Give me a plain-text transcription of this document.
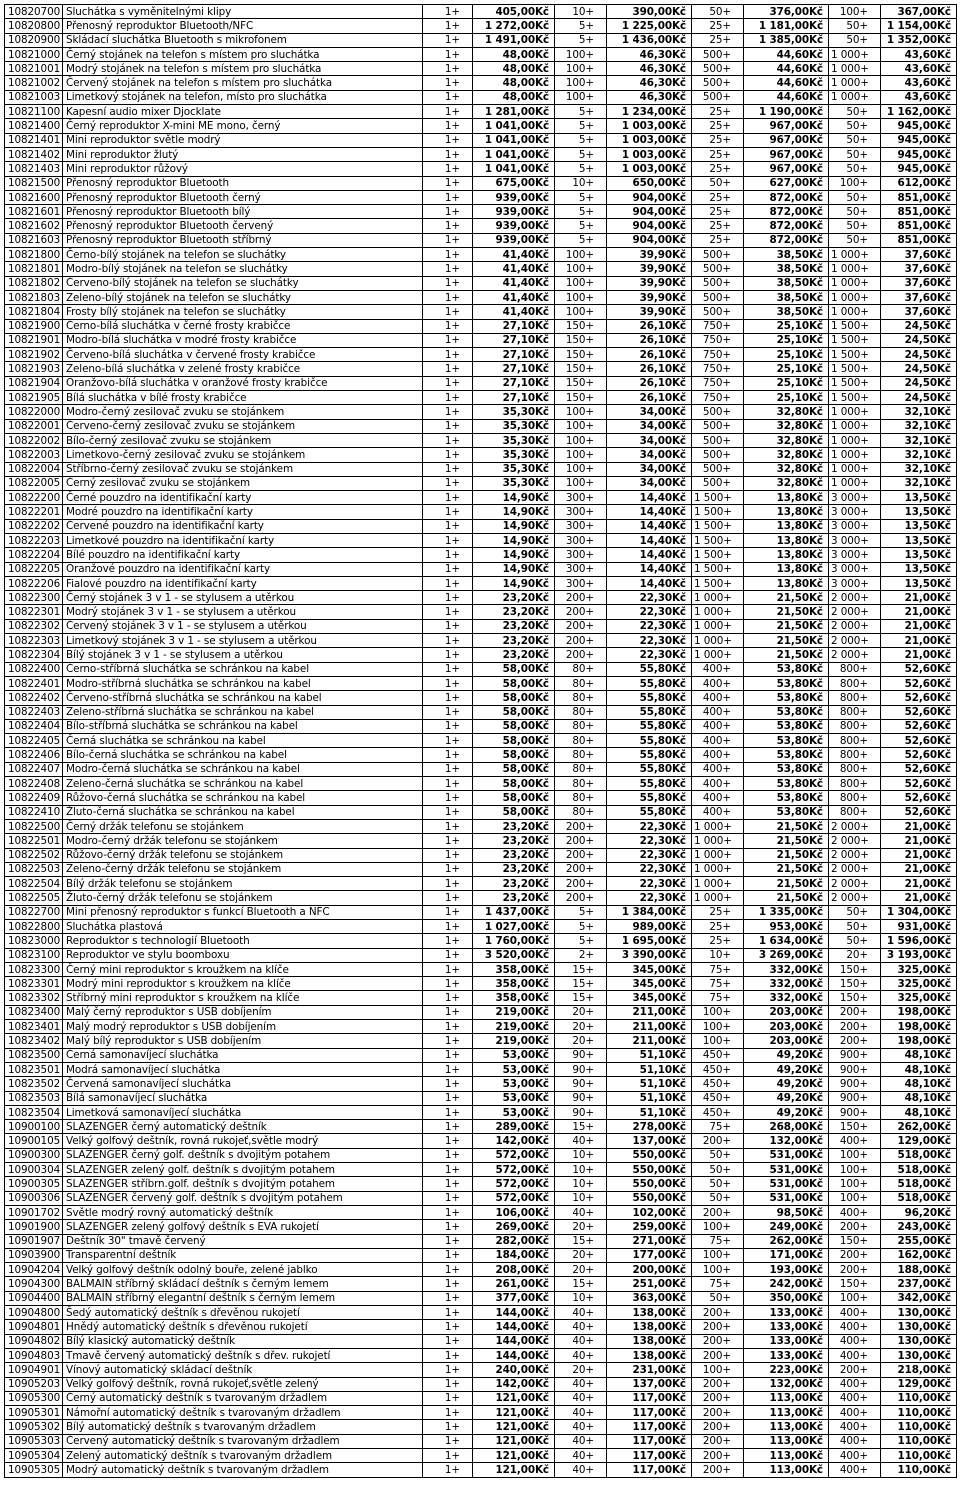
10820700	Sluchátka s vyměnitelnými klipy	1+	405,00Kč	10+	390,00Kč	50+	376,00Kč	100+	367,00Kč
10820800	Přenosný reproduktor Bluetooth/NFC	1+	1 272,00Kč	5+	1 225,00Kč	25+	1 181,00Kč	50+	1 154,00Kč
10820900	Skládací sluchátka Bluetooth s mikrofonem	1+	1 491,00Kč	5+	1 436,00Kč	25+	1 385,00Kč	50+	1 352,00Kč
10821000	Černý stojánek na telefon s místem pro sluchátka	1+	48,00Kč	100+	46,30Kč	500+	44,60Kč	1 000+	43,60Kč
10821001	Modrý stojánek na telefon s místem pro sluchátka	1+	48,00Kč	100+	46,30Kč	500+	44,60Kč	1 000+	43,60Kč
10821002	Červený stojánek na telefon s místem pro sluchátka	1+	48,00Kč	100+	46,30Kč	500+	44,60Kč	1 000+	43,60Kč
10821003	Limetkový stojánek na telefon, místo pro sluchátka	1+	48,00Kč	100+	46,30Kč	500+	44,60Kč	1 000+	43,60Kč
10821100	Kapesní audio mixer Djocklate	1+	1 281,00Kč	5+	1 234,00Kč	25+	1 190,00Kč	50+	1 162,00Kč
10821400	Černý reproduktor X-mini ME mono, černý	1+	1 041,00Kč	5+	1 003,00Kč	25+	967,00Kč	50+	945,00Kč
10821401	Mini reproduktor světle modrý	1+	1 041,00Kč	5+	1 003,00Kč	25+	967,00Kč	50+	945,00Kč
10821402	Mini reproduktor žlutý	1+	1 041,00Kč	5+	1 003,00Kč	25+	967,00Kč	50+	945,00Kč
10821403	Mini reproduktor růžový	1+	1 041,00Kč	5+	1 003,00Kč	25+	967,00Kč	50+	945,00Kč
10821500	Přenosný reproduktor Bluetooth	1+	675,00Kč	10+	650,00Kč	50+	627,00Kč	100+	612,00Kč
10821600	Přenosný reproduktor Bluetooth černý	1+	939,00Kč	5+	904,00Kč	25+	872,00Kč	50+	851,00Kč
10821601	Přenosný reproduktor Bluetooth bílý	1+	939,00Kč	5+	904,00Kč	25+	872,00Kč	50+	851,00Kč
10821602	Přenosný reproduktor Bluetooth červený	1+	939,00Kč	5+	904,00Kč	25+	872,00Kč	50+	851,00Kč
10821603	Přenosný reproduktor Bluetooth stříbrný	1+	939,00Kč	5+	904,00Kč	25+	872,00Kč	50+	851,00Kč
10821800	Černo-bílý stojánek na telefon se sluchátky	1+	41,40Kč	100+	39,90Kč	500+	38,50Kč	1 000+	37,60Kč
10821801	Modro-bílý stojánek na telefon se sluchátky	1+	41,40Kč	100+	39,90Kč	500+	38,50Kč	1 000+	37,60Kč
10821802	Červeno-bílý stojánek na telefon se sluchátky	1+	41,40Kč	100+	39,90Kč	500+	38,50Kč	1 000+	37,60Kč
10821803	Zeleno-bílý stojánek na telefon se sluchátky	1+	41,40Kč	100+	39,90Kč	500+	38,50Kč	1 000+	37,60Kč
10821804	Frosty bílý stojánek na telefon se sluchátky	1+	41,40Kč	100+	39,90Kč	500+	38,50Kč	1 000+	37,60Kč
10821900	Černo-bílá sluchátka v černé frosty krabičce	1+	27,10Kč	150+	26,10Kč	750+	25,10Kč	1 500+	24,50Kč
10821901	Modro-bílá sluchátka v modré frosty krabičce	1+	27,10Kč	150+	26,10Kč	750+	25,10Kč	1 500+	24,50Kč
10821902	Červeno-bílá sluchátka v červené frosty krabičce	1+	27,10Kč	150+	26,10Kč	750+	25,10Kč	1 500+	24,50Kč
10821903	Zeleno-bílá sluchátka v zelené frosty krabičce	1+	27,10Kč	150+	26,10Kč	750+	25,10Kč	1 500+	24,50Kč
10821904	Oranžovo-bílá sluchátka v oranžové frosty krabičce	1+	27,10Kč	150+	26,10Kč	750+	25,10Kč	1 500+	24,50Kč
10821905	Bílá sluchátka v bílé frosty krabičce	1+	27,10Kč	150+	26,10Kč	750+	25,10Kč	1 500+	24,50Kč
10822000	Modro-černý zesilovač zvuku se stojánkem	1+	35,30Kč	100+	34,00Kč	500+	32,80Kč	1 000+	32,10Kč
10822001	Červeno-černý zesilovač zvuku se stojánkem	1+	35,30Kč	100+	34,00Kč	500+	32,80Kč	1 000+	32,10Kč
10822002	Bílo-černý zesilovač zvuku se stojánkem	1+	35,30Kč	100+	34,00Kč	500+	32,80Kč	1 000+	32,10Kč
10822003	Limetkovo-černý zesilovač zvuku se stojánkem	1+	35,30Kč	100+	34,00Kč	500+	32,80Kč	1 000+	32,10Kč
10822004	Stříbrno-černý zesilovač zvuku se stojánkem	1+	35,30Kč	100+	34,00Kč	500+	32,80Kč	1 000+	32,10Kč
10822005	Černý zesilovač zvuku se stojánkem	1+	35,30Kč	100+	34,00Kč	500+	32,80Kč	1 000+	32,10Kč
10822200	Černé pouzdro na identifikační karty	1+	14,90Kč	300+	14,40Kč	1 500+	13,80Kč	3 000+	13,50Kč
10822201	Modré pouzdro na identifikační karty	1+	14,90Kč	300+	14,40Kč	1 500+	13,80Kč	3 000+	13,50Kč
10822202	Červené pouzdro na identifikační karty	1+	14,90Kč	300+	14,40Kč	1 500+	13,80Kč	3 000+	13,50Kč
10822203	Limetkové pouzdro na identifikační karty	1+	14,90Kč	300+	14,40Kč	1 500+	13,80Kč	3 000+	13,50Kč
10822204	Bílé pouzdro na identifikační karty	1+	14,90Kč	300+	14,40Kč	1 500+	13,80Kč	3 000+	13,50Kč
10822205	Oranžové pouzdro na identifikační karty	1+	14,90Kč	300+	14,40Kč	1 500+	13,80Kč	3 000+	13,50Kč
10822206	Fialové pouzdro na identifikační karty	1+	14,90Kč	300+	14,40Kč	1 500+	13,80Kč	3 000+	13,50Kč
10822300	Černý stojánek 3 v 1 - se stylusem a utěrkou	1+	23,20Kč	200+	22,30Kč	1 000+	21,50Kč	2 000+	21,00Kč
10822301	Modrý stojánek 3 v 1 - se stylusem a utěrkou	1+	23,20Kč	200+	22,30Kč	1 000+	21,50Kč	2 000+	21,00Kč
10822302	Červený stojánek 3 v 1 - se stylusem a utěrkou	1+	23,20Kč	200+	22,30Kč	1 000+	21,50Kč	2 000+	21,00Kč
10822303	Limetkový stojánek 3 v 1 - se stylusem a utěrkou	1+	23,20Kč	200+	22,30Kč	1 000+	21,50Kč	2 000+	21,00Kč
10822304	Bílý stojánek 3 v 1 - se stylusem a utěrkou	1+	23,20Kč	200+	22,30Kč	1 000+	21,50Kč	2 000+	21,00Kč
10822400	Černo-stříbrná sluchátka se schránkou na kabel	1+	58,00Kč	80+	55,80Kč	400+	53,80Kč	800+	52,60Kč
10822401	Modro-stříbrná sluchátka se schránkou na kabel	1+	58,00Kč	80+	55,80Kč	400+	53,80Kč	800+	52,60Kč
10822402	Červeno-stříbrná sluchátka se schránkou na kabel	1+	58,00Kč	80+	55,80Kč	400+	53,80Kč	800+	52,60Kč
10822403	Zeleno-stříbrná sluchátka se schránkou na kabel	1+	58,00Kč	80+	55,80Kč	400+	53,80Kč	800+	52,60Kč
10822404	Bílo-stříbrná sluchátka se schránkou na kabel	1+	58,00Kč	80+	55,80Kč	400+	53,80Kč	800+	52,60Kč
10822405	Černá sluchátka se schránkou na kabel	1+	58,00Kč	80+	55,80Kč	400+	53,80Kč	800+	52,60Kč
10822406	Bílo-černá sluchátka se schránkou na kabel	1+	58,00Kč	80+	55,80Kč	400+	53,80Kč	800+	52,60Kč
10822407	Modro-černá sluchátka se schránkou na kabel	1+	58,00Kč	80+	55,80Kč	400+	53,80Kč	800+	52,60Kč
10822408	Zeleno-černá sluchátka se schránkou na kabel	1+	58,00Kč	80+	55,80Kč	400+	53,80Kč	800+	52,60Kč
10822409	Růžovo-černá sluchátka se schránkou na kabel	1+	58,00Kč	80+	55,80Kč	400+	53,80Kč	800+	52,60Kč
10822410	Žluto-černá sluchátka se schránkou na kabel	1+	58,00Kč	80+	55,80Kč	400+	53,80Kč	800+	52,60Kč
10822500	Černý držák telefonu se stojánkem	1+	23,20Kč	200+	22,30Kč	1 000+	21,50Kč	2 000+	21,00Kč
10822501	Modro-černý držák telefonu se stojánkem	1+	23,20Kč	200+	22,30Kč	1 000+	21,50Kč	2 000+	21,00Kč
10822502	Růžovo-černý držák telefonu se stojánkem	1+	23,20Kč	200+	22,30Kč	1 000+	21,50Kč	2 000+	21,00Kč
10822503	Zeleno-černý držák telefonu se stojánkem	1+	23,20Kč	200+	22,30Kč	1 000+	21,50Kč	2 000+	21,00Kč
10822504	Bílý držák telefonu se stojánkem	1+	23,20Kč	200+	22,30Kč	1 000+	21,50Kč	2 000+	21,00Kč
10822505	Žluto-černý držák telefonu se stojánkem	1+	23,20Kč	200+	22,30Kč	1 000+	21,50Kč	2 000+	21,00Kč
10822700	Mini přenosný reproduktor s funkcí Bluetooth a NFC	1+	1 437,00Kč	5+	1 384,00Kč	25+	1 335,00Kč	50+	1 304,00Kč
10822800	Sluchátka plastová	1+	1 027,00Kč	5+	989,00Kč	25+	953,00Kč	50+	931,00Kč
10823000	Reproduktor s technologií Bluetooth	1+	1 760,00Kč	5+	1 695,00Kč	25+	1 634,00Kč	50+	1 596,00Kč
10823100	Reproduktor ve stylu boomboxu	1+	3 520,00Kč	2+	3 390,00Kč	10+	3 269,00Kč	20+	3 193,00Kč
10823300	Černý mini reproduktor s kroužkem na klíče	1+	358,00Kč	15+	345,00Kč	75+	332,00Kč	150+	325,00Kč
10823301	Modrý mini reproduktor s kroužkem na klíče	1+	358,00Kč	15+	345,00Kč	75+	332,00Kč	150+	325,00Kč
10823302	Stříbrný mini reproduktor s kroužkem na klíče	1+	358,00Kč	15+	345,00Kč	75+	332,00Kč	150+	325,00Kč
10823400	Malý černý reproduktor s USB dobíjením	1+	219,00Kč	20+	211,00Kč	100+	203,00Kč	200+	198,00Kč
10823401	Malý modrý reproduktor s USB dobíjením	1+	219,00Kč	20+	211,00Kč	100+	203,00Kč	200+	198,00Kč
10823402	Malý bílý reproduktor s USB dobíjením	1+	219,00Kč	20+	211,00Kč	100+	203,00Kč	200+	198,00Kč
10823500	Černá samonavíjecí sluchátka	1+	53,00Kč	90+	51,10Kč	450+	49,20Kč	900+	48,10Kč
10823501	Modrá samonavíjecí sluchátka	1+	53,00Kč	90+	51,10Kč	450+	49,20Kč	900+	48,10Kč
10823502	Červená samonavíjecí sluchátka	1+	53,00Kč	90+	51,10Kč	450+	49,20Kč	900+	48,10Kč
10823503	Bílá samonavíjecí sluchátka	1+	53,00Kč	90+	51,10Kč	450+	49,20Kč	900+	48,10Kč
10823504	Limetková samonavíjecí sluchátka	1+	53,00Kč	90+	51,10Kč	450+	49,20Kč	900+	48,10Kč
10900100	SLAZENGER černý automatický deštník	1+	289,00Kč	15+	278,00Kč	75+	268,00Kč	150+	262,00Kč
10900105	Velký golfový deštník, rovná rukojeť,světle modrý	1+	142,00Kč	40+	137,00Kč	200+	132,00Kč	400+	129,00Kč
10900300	SLAZENGER černý golf. deštník s dvojitým potahem	1+	572,00Kč	10+	550,00Kč	50+	531,00Kč	100+	518,00Kč
10900304	SLAZENGER zelený golf. deštník s dvojitým potahem	1+	572,00Kč	10+	550,00Kč	50+	531,00Kč	100+	518,00Kč
10900305	SLAZENGER stříbrn.golf. deštník s dvojitým potahem	1+	572,00Kč	10+	550,00Kč	50+	531,00Kč	100+	518,00Kč
10900306	SLAZENGER červený golf. deštník s dvojitým potahem	1+	572,00Kč	10+	550,00Kč	50+	531,00Kč	100+	518,00Kč
10901702	Světle modrý rovný automatický deštník	1+	106,00Kč	40+	102,00Kč	200+	98,50Kč	400+	96,20Kč
10901900	SLAZENGER zelený golfový deštník s EVA rukojetí	1+	269,00Kč	20+	259,00Kč	100+	249,00Kč	200+	243,00Kč
10901907	Deštník 30" tmavě červený	1+	282,00Kč	15+	271,00Kč	75+	262,00Kč	150+	255,00Kč
10903900	Transparentní deštník	1+	184,00Kč	20+	177,00Kč	100+	171,00Kč	200+	162,00Kč
10904204	Velký golfový deštník odolný bouře, zelené jablko	1+	208,00Kč	20+	200,00Kč	100+	193,00Kč	200+	188,00Kč
10904300	BALMAIN stříbrný skládací deštník s černým lemem	1+	261,00Kč	15+	251,00Kč	75+	242,00Kč	150+	237,00Kč
10904400	BALMAIN stříbrný elegantní deštník s černým lemem	1+	377,00Kč	10+	363,00Kč	50+	350,00Kč	100+	342,00Kč
10904800	Šedý automatický deštník s dřevěnou rukojetí	1+	144,00Kč	40+	138,00Kč	200+	133,00Kč	400+	130,00Kč
10904801	Hnědý automatický deštník s dřevěnou rukojetí	1+	144,00Kč	40+	138,00Kč	200+	133,00Kč	400+	130,00Kč
10904802	Bílý klasický automatický deštník	1+	144,00Kč	40+	138,00Kč	200+	133,00Kč	400+	130,00Kč
10904803	Tmavě červený automatický deštník s dřev. rukojetí	1+	144,00Kč	40+	138,00Kč	200+	133,00Kč	400+	130,00Kč
10904901	Vínový automatický skládací deštník	1+	240,00Kč	20+	231,00Kč	100+	223,00Kč	200+	218,00Kč
10905203	Velký golfový deštník, rovná rukojeť,světle zelený	1+	142,00Kč	40+	137,00Kč	200+	132,00Kč	400+	129,00Kč
10905300	Černý automatický deštník s tvarovaným držadlem	1+	121,00Kč	40+	117,00Kč	200+	113,00Kč	400+	110,00Kč
10905301	Námořní automatický deštník s tvarovaným držadlem	1+	121,00Kč	40+	117,00Kč	200+	113,00Kč	400+	110,00Kč
10905302	Bílý automatický deštník s tvarovaným držadlem	1+	121,00Kč	40+	117,00Kč	200+	113,00Kč	400+	110,00Kč
10905303	Červený automatický deštník s tvarovaným držadlem	1+	121,00Kč	40+	117,00Kč	200+	113,00Kč	400+	110,00Kč
10905304	Zelený automatický deštník s tvarovaným držadlem	1+	121,00Kč	40+	117,00Kč	200+	113,00Kč	400+	110,00Kč
10905305	Modrý automatický deštník s tvarovaným držadlem	1+	121,00Kč	40+	117,00Kč	200+	113,00Kč	400+	110,00Kč
